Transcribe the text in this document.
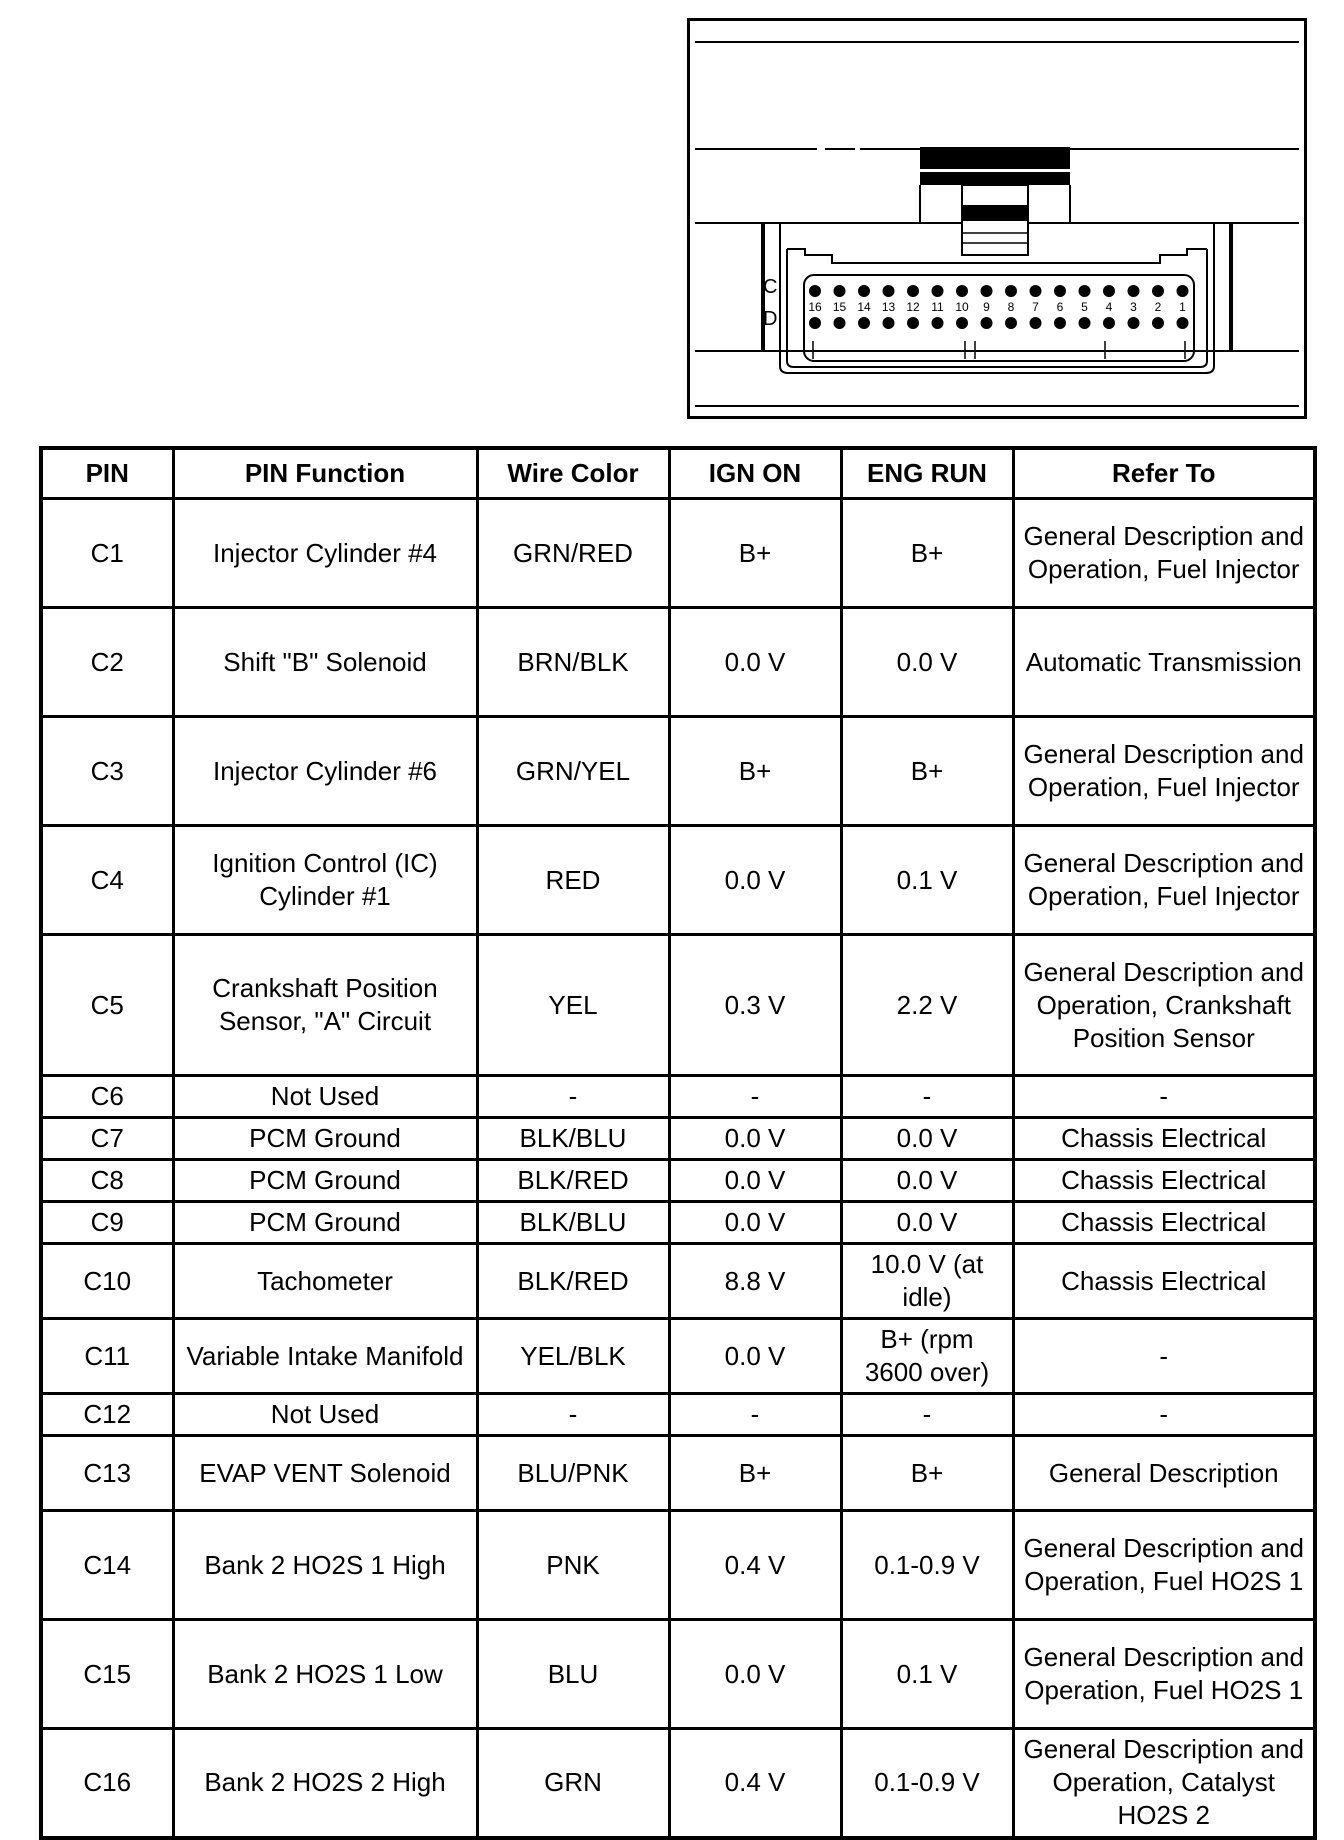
16 15 14 13 12 11 10 9 8 7 6 5 4 3 2 1
C
D
PIN	PIN Function	Wire Color	IGN ON	ENG RUN	Refer To
C1	Injector Cylinder #4	GRN/RED	B+	B+	General Description and Operation, Fuel Injector
C2	Shift "B" Solenoid	BRN/BLK	0.0 V	0.0 V	Automatic Transmission
C3	Injector Cylinder #6	GRN/YEL	B+	B+	General Description and Operation, Fuel Injector
C4	Ignition Control (IC) Cylinder #1	RED	0.0 V	0.1 V	General Description and Operation, Fuel Injector
C5	Crankshaft Position Sensor, "A" Circuit	YEL	0.3 V	2.2 V	General Description and Operation, Crankshaft Position Sensor
C6	Not Used	-	-	-	-
C7	PCM Ground	BLK/BLU	0.0 V	0.0 V	Chassis Electrical
C8	PCM Ground	BLK/RED	0.0 V	0.0 V	Chassis Electrical
C9	PCM Ground	BLK/BLU	0.0 V	0.0 V	Chassis Electrical
C10	Tachometer	BLK/RED	8.8 V	10.0 V (at idle)	Chassis Electrical
C11	Variable Intake Manifold	YEL/BLK	0.0 V	B+ (rpm 3600 over)	-
C12	Not Used	-	-	-	-
C13	EVAP VENT Solenoid	BLU/PNK	B+	B+	General Description
C14	Bank 2 HO2S 1 High	PNK	0.4 V	0.1-0.9 V	General Description and Operation, Fuel HO2S 1
C15	Bank 2 HO2S 1 Low	BLU	0.0 V	0.1 V	General Description and Operation, Fuel HO2S 1
C16	Bank 2 HO2S 2 High	GRN	0.4 V	0.1-0.9 V	General Description and Operation, Catalyst HO2S 2
